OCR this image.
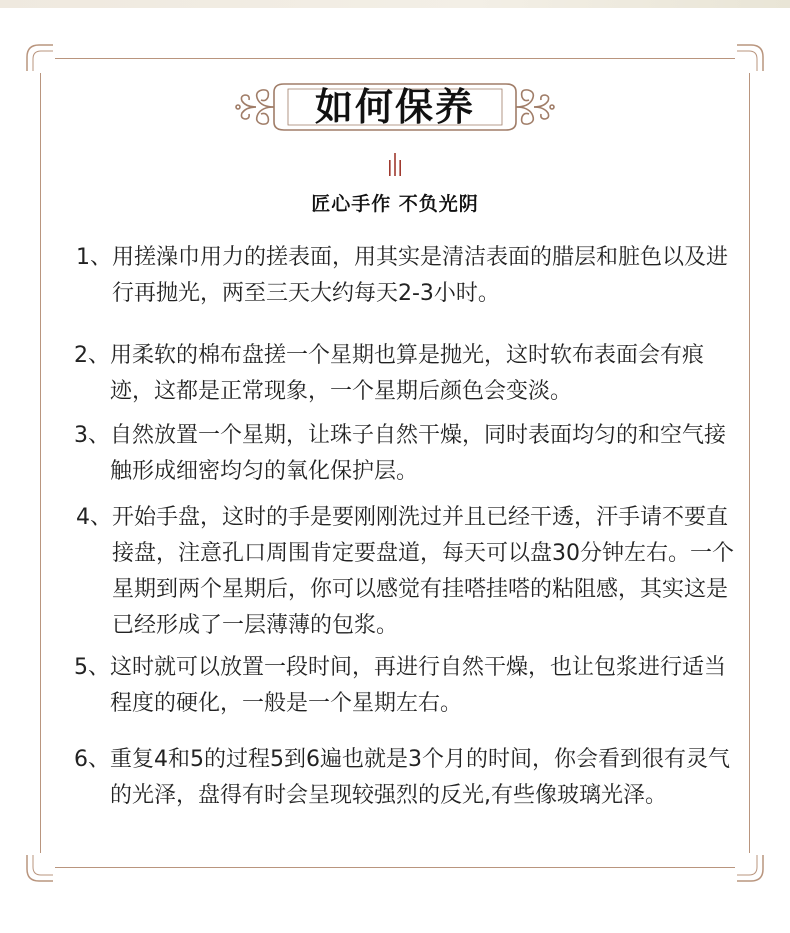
如何保养
匠心手作 不负光阴
1、 用搓澡巾用力的搓表面，用其实是清洁表面的腊层和脏色以及进行再抛光，两至三天大约每天2-3小时。
2、 用柔软的棉布盘搓一个星期也算是抛光，这时软布表面会有痕迹，这都是正常现象，一个星期后颜色会变淡。
3、 自然放置一个星期，让珠子自然干燥，同时表面均匀的和空气接触形成细密均匀的氧化保护层。
4、 开始手盘，这时的手是要刚刚洗过并且已经干透，汗手请不要直接盘，注意孔口周围肯定要盘道，每天可以盘30分钟左右。一个星期到两个星期后，你可以感觉有挂嗒挂嗒的粘阻感，其实这是已经形成了一层薄薄的包浆。
5、 这时就可以放置一段时间，再进行自然干燥，也让包浆进行适当程度的硬化，一般是一个星期左右。
6、 重复4和5的过程5到6遍也就是3个月的时间，你会看到很有灵气的光泽，盘得有时会呈现较强烈的反光,有些像玻璃光泽。
